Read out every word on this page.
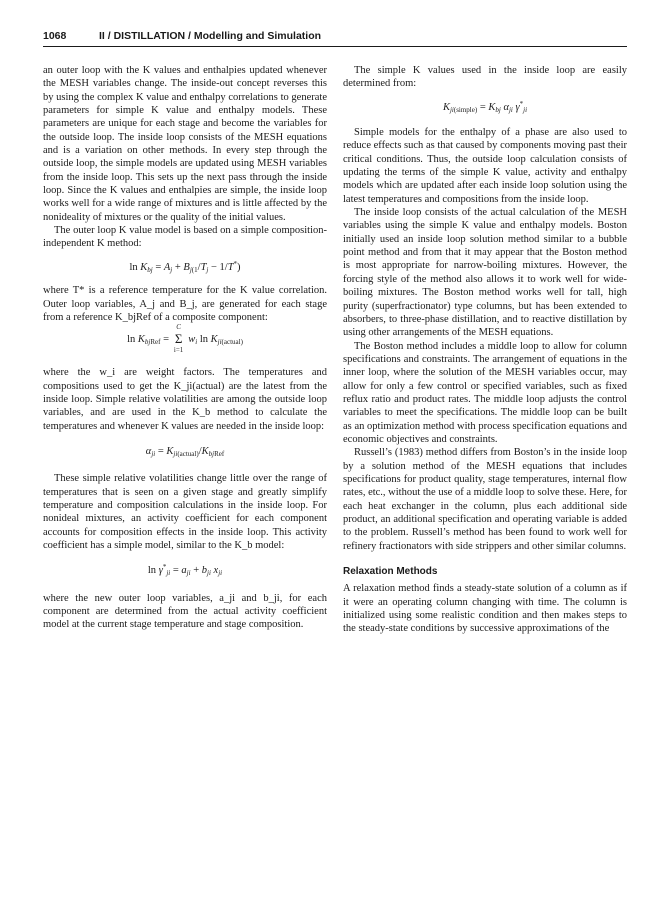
1068	II / DISTILLATION / Modelling and Simulation

an outer loop with the K values and enthalpies updated whenever the MESH variables change. The inside-out concept reverses this by using the complex K value and enthalpy correlations to generate parameters for simple K value and enthalpy models. These parameters are unique for each stage and become the variables for the outside loop. The inside loop consists of the MESH equations and is a variation on other methods. In every step through the outside loop, the simple models are updated using MESH variables from the inside loop. This sets up the next pass through the inside loop. Since the K values and enthalpies are simple, the inside loop works well for a wide range of mixtures and is little affected by the nonideality of mixtures or the quality of the initial values.

The outer loop K value model is based on a simple composition-independent K method:

$\ln K_{bj} = A_j + B_{j(1}/T_j - 1/T^*$)

where T* is a reference temperature for the K value correlation. Outer loop variables, A_j and B_j, are generated for each stage from a reference K_bjRef of a composite component:

$\ln K_{bjRef}$ =
C
Σ
i=1
$w_i$ $\ln K_{ji(actual)}$

where the w_i are weight factors. The temperatures and compositions used to get the K_ji(actual) are the latest from the inside loop. Simple relative volatilities are among the outside loop variables, and are used in the K_b method to calculate the temperatures and whenever K values are needed in the inside loop:

$\alpha_{ji} = K_{ji(actual)}/K_{bjRef}$

These simple relative volatilities change little over the range of temperatures that is seen on a given stage and greatly simplify temperature and composition calculations in the inside loop. For nonideal mixtures, an activity coefficient for each component accounts for composition effects in the inside loop. This activity coefficient has a simple model, similar to the K_b model:

$\ln \gamma^*_{ji} = a_{ji} + b_{ji}$ $x_{ji}$

where the new outer loop variables, a_ji and b_ji, for each component are determined from the actual activity coefficient model at the current stage temperature and stage composition.

The simple K values used in the inside loop are easily determined from:

$K_{ji(simple)} = K_{bj}$ $\alpha_{ji}$ $\gamma^*_{ji}$

Simple models for the enthalpy of a phase are also used to reduce effects such as that caused by components moving past their critical conditions. Thus, the outside loop calculation consists of updating the terms of the simple K value, activity and enthalpy models which are updated after each inside loop solution using the latest temperatures and compositions from the inside loop.

The inside loop consists of the actual calculation of the MESH variables using the simple K value and enthalpy models. Boston initially used an inside loop solution method similar to a bubble point method and from that it may appear that the Boston method is most appropriate for narrow-boiling mixtures. However, the forcing style of the method also allows it to work well for wide-boiling mixtures. The Boston method works well for tall, high purity (superfractionator) type columns, but has been extended to absorbers, to three-phase distillation, and to reactive distillation by using other arrangements of the MESH equations.

The Boston method includes a middle loop to allow for column specifications and constraints. The arrangement of equations in the inner loop, where the solution of the MESH variables occur, may allow for only a few control or specified variables, such as fixed reflux ratio and product rates. The middle loop adjusts the control variables to meet the specifications. The middle loop can be built as an optimization method with process specification equations and economic objectives and constraints.

Russell’s (1983) method differs from Boston’s in the inside loop by a solution method of the MESH equations that includes specifications for product quality, stage temperatures, internal flow rates, etc., without the use of a middle loop to solve these. Here, for each heat exchanger in the column, plus each additional side product, an additional specification and operating variable is added to the problem. Russell’s method has been found to work well for refinery fractionators with side strippers and other similar columns.

Relaxation Methods

A relaxation method finds a steady-state solution of a column as if it were an operating column changing with time. The column is initialized using some realistic condition and then makes steps to the steady-state conditions by successive approximations of the
